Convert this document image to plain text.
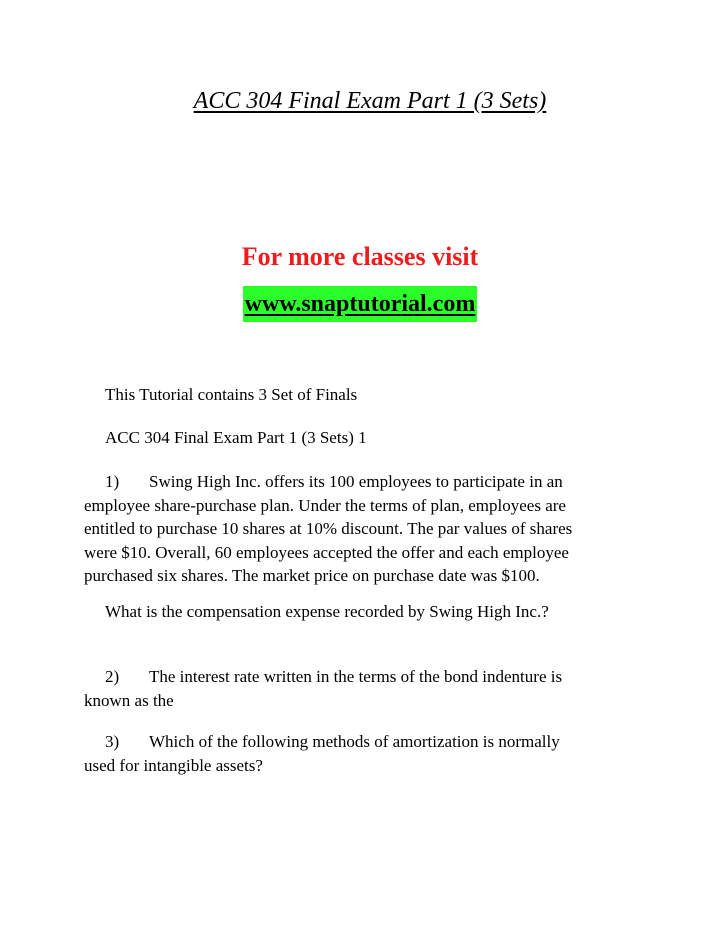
ACC 304 Final Exam Part 1 (3 Sets)
For more classes visit
www.snaptutorial.com
This Tutorial contains 3 Set of Finals
ACC 304 Final Exam Part 1 (3 Sets) 1
1) Swing High Inc. offers its 100 employees to participate in an
employee share-purchase plan. Under the terms of plan, employees are
entitled to purchase 10 shares at 10% discount. The par values of shares
were $10. Overall, 60 employees accepted the offer and each employee
purchased six shares. The market price on purchase date was $100.
What is the compensation expense recorded by Swing High Inc.?
2) The interest rate written in the terms of the bond indenture is
known as the
3) Which of the following methods of amortization is normally
used for intangible assets?
